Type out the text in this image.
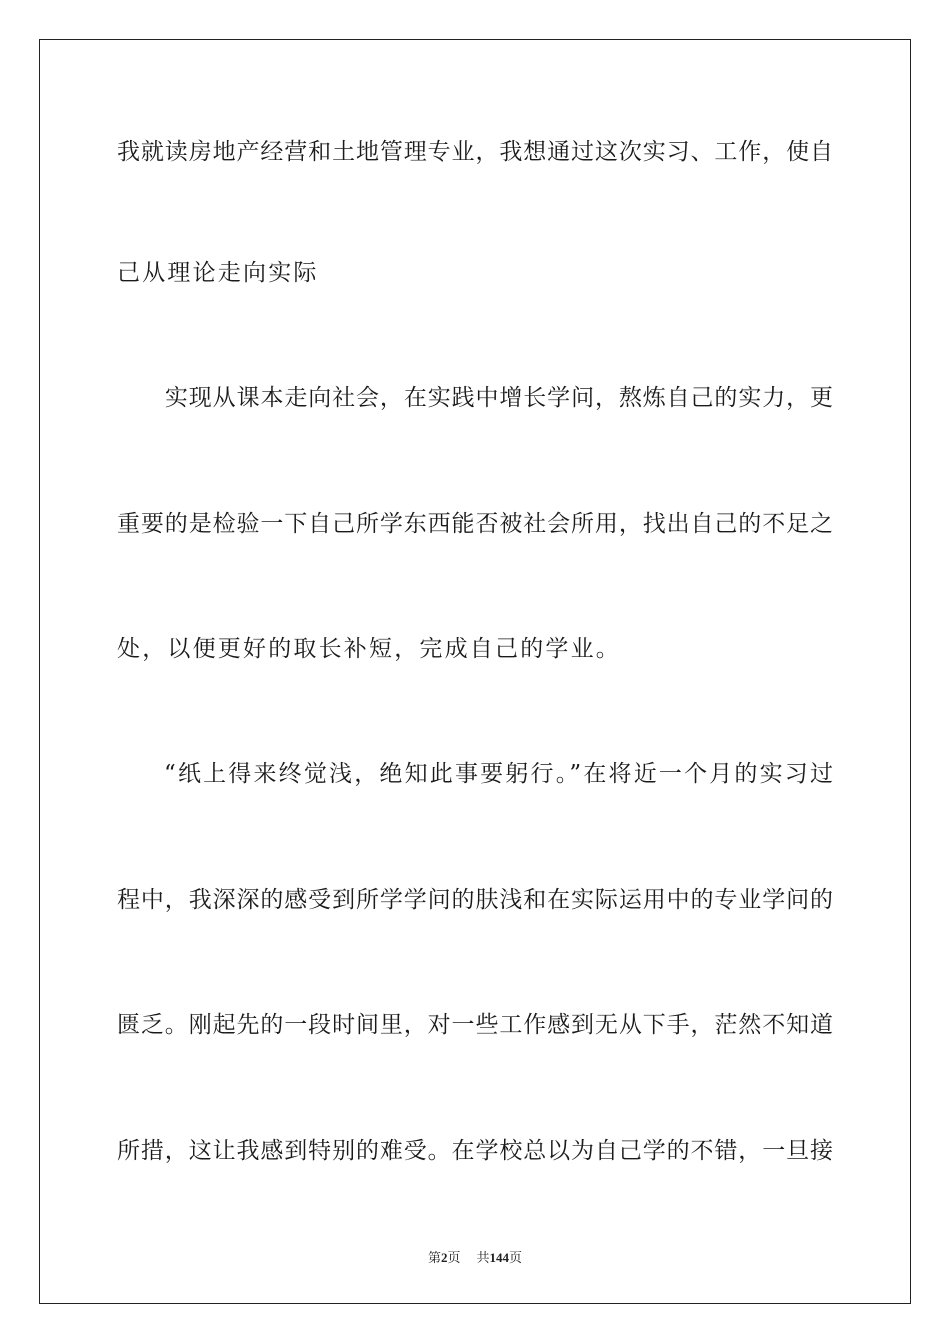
我就读房地产经营和土地管理专业，我想通过这次实习、工作，使自
己从理论走向实际
实现从课本走向社会，在实践中增长学问，熬炼自己的实力，更
重要的是检验一下自己所学东西能否被社会所用，找出自己的不足之
处，以便更好的取长补短，完成自己的学业。
“纸上得来终觉浅，绝知此事要躬行。”在将近一个月的实习过
程中，我深深的感受到所学学问的肤浅和在实际运用中的专业学问的
匮乏。刚起先的一段时间里，对一些工作感到无从下手，茫然不知道
所措，这让我感到特别的难受。在学校总以为自己学的不错，一旦接
第2页 共144页
